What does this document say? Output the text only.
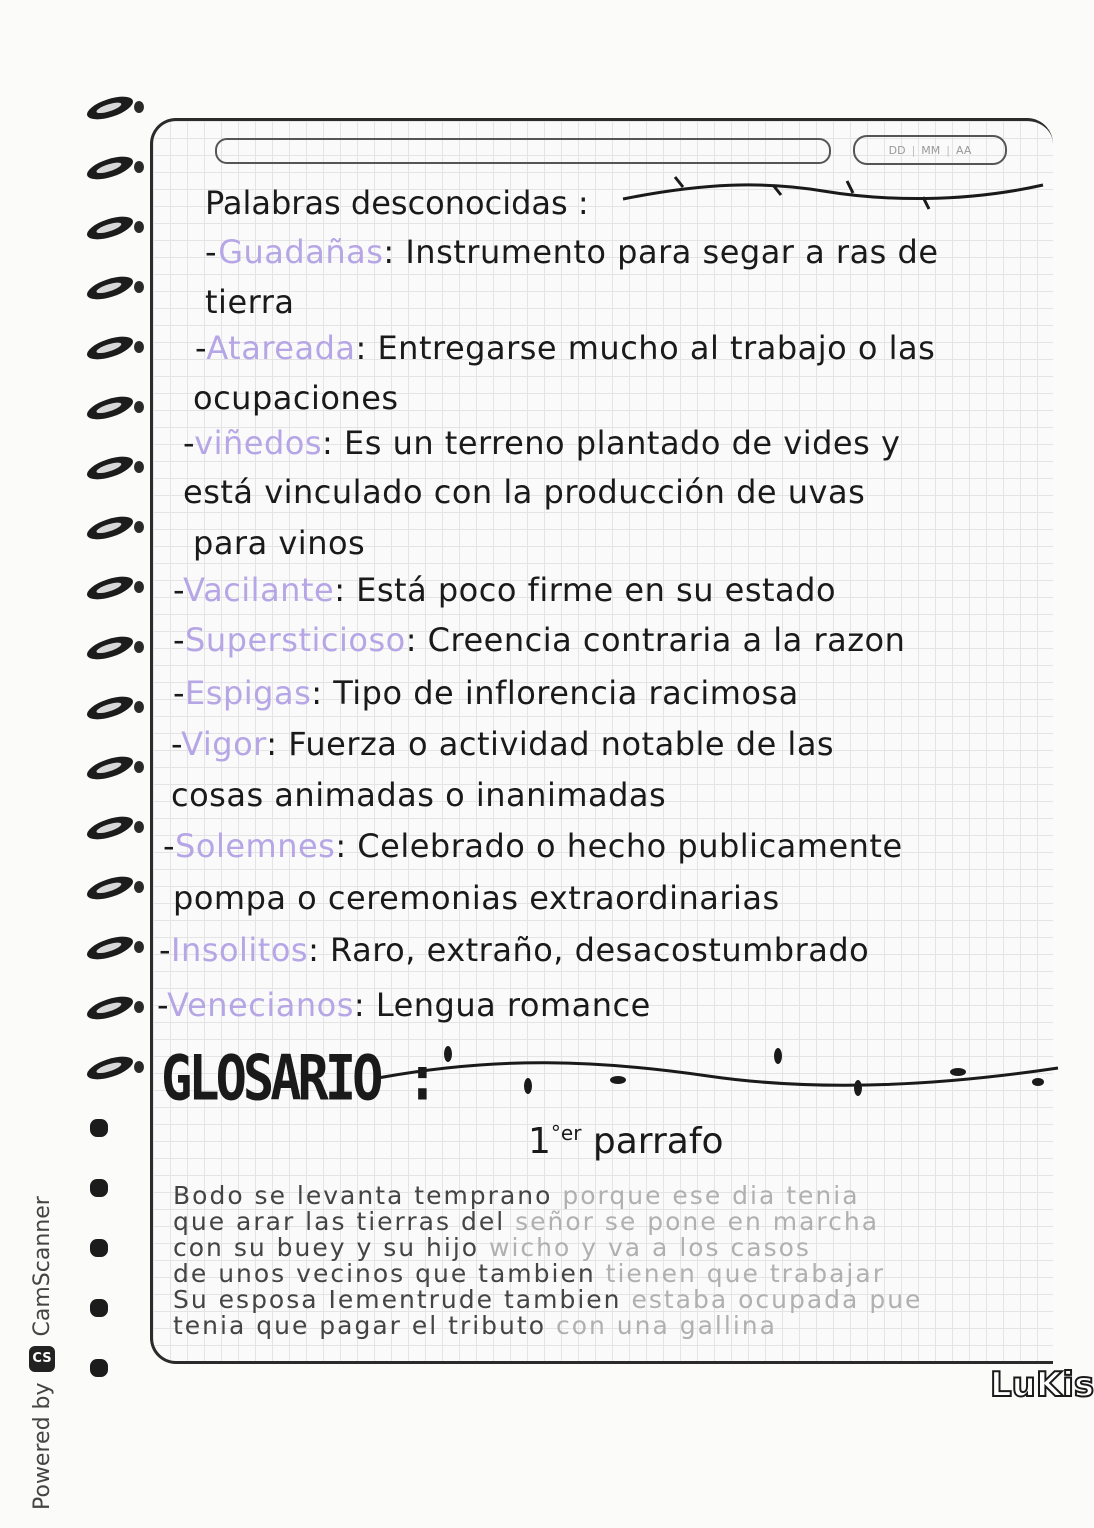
DD | MM | AA
Palabras desconocidas :
-Guadañas: Instrumento para segar a ras de
tierra
-Atareada: Entregarse mucho al trabajo o las
ocupaciones
-viñedos: Es un terreno plantado de vides y
está vinculado con la producción de uvas
para vinos
-Vacilante: Está poco firme en su estado
-Supersticioso: Creencia contraria a la razon
-Espigas: Tipo de inflorencia racimosa
-Vigor: Fuerza o actividad notable de las
cosas animadas o inanimadas
-Solemnes: Celebrado o hecho publicamente
pompa o ceremonias extraordinarias
-Insolitos: Raro, extraño, desacostumbrado
-Venecianos: Lengua romance
GLOSARIO :
$1^{^\circ er}$ parrafo
Bodo se levanta temprano porque ese dia tenia
que arar las tierras del señor se pone en marcha
con su buey y su hijo wicho y va a los casos
de unos vecinos que tambien tienen que trabajar
Su esposa Iementrude tambien estaba ocupada pue
tenia que pagar el tributo con una gallina
LuKis
Powered by
CS
CamScanner
